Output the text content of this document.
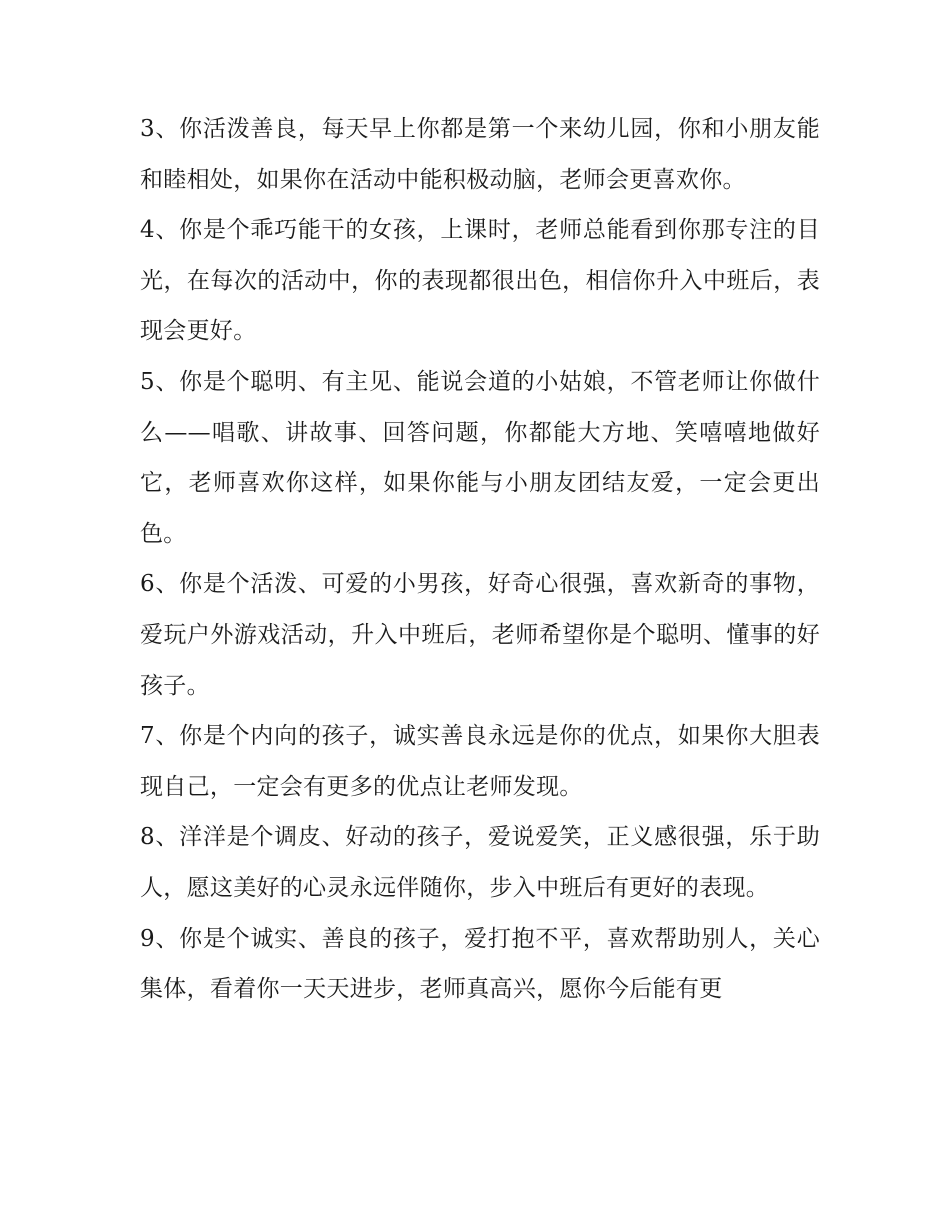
3、你活泼善良，每天早上你都是第一个来幼儿园，你和小朋友能和睦相处，如果你在活动中能积极动脑，老师会更喜欢你。

4、你是个乖巧能干的女孩，上课时，老师总能看到你那专注的目光，在每次的活动中，你的表现都很出色，相信你升入中班后，表现会更好。

5、你是个聪明、有主见、能说会道的小姑娘，不管老师让你做什么——唱歌、讲故事、回答问题，你都能大方地、笑嘻嘻地做好它，老师喜欢你这样，如果你能与小朋友团结友爱，一定会更出色。

6、你是个活泼、可爱的小男孩，好奇心很强，喜欢新奇的事物，爱玩户外游戏活动，升入中班后，老师希望你是个聪明、懂事的好孩子。

7、你是个内向的孩子，诚实善良永远是你的优点，如果你大胆表现自己，一定会有更多的优点让老师发现。

8、洋洋是个调皮、好动的孩子，爱说爱笑，正义感很强，乐于助人，愿这美好的心灵永远伴随你，步入中班后有更好的表现。

9、你是个诚实、善良的孩子，爱打抱不平，喜欢帮助别人，关心集体，看着你一天天进步，老师真高兴，愿你今后能有更
